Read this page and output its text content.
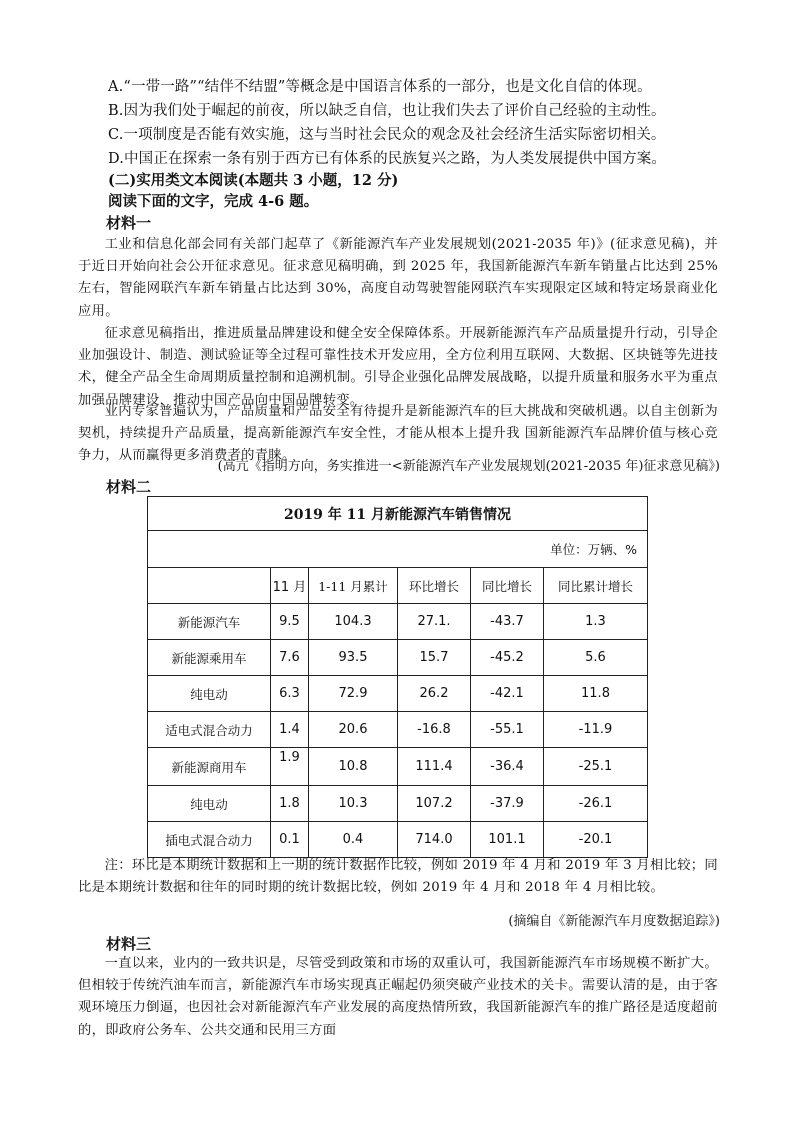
A.“一带一路”“结伴不结盟”等概念是中国语言体系的一部分，也是文化自信的体现。
B.因为我们处于崛起的前夜，所以缺乏自信，也让我们失去了评价自己经验的主动性。
C.一项制度是否能有效实施，这与当时社会民众的观念及社会经济生活实际密切相关。
D.中国正在探索一条有别于西方已有体系的民族复兴之路，为人类发展提供中国方案。
(二)实用类文本阅读(本题共 3 小题，12 分)
阅读下面的文字，完成 4-6 题。
材料一
工业和信息化部会同有关部门起草了《新能源汽车产业发展规划(2021-2035 年)》(征求意见稿)，并于近日开始向社会公开征求意见。征求意见稿明确，到 2025 年，我国新能源汽车新车销量占比达到 25%左右，智能网联汽车新车销量占比达到 30%，高度自动驾驶智能网联汽车实现限定区域和特定场景商业化应用。
征求意见稿指出，推进质量品牌建设和健全安全保障体系。开展新能源汽车产品质量提升行动，引导企业加强设计、制造、测试验证等全过程可靠性技术开发应用，全方位利用互联网、大数据、区块链等先进技术，健全产品全生命周期质量控制和追溯机制。引导企业强化品牌发展战略，以提升质量和服务水平为重点加强品牌建设，推动中国产品向中国品牌转变。
业内专家普遍认为，产品质量和产品安全有待提升是新能源汽车的巨大挑战和突破机遇。以自主创新为契机，持续提升产品质量，提高新能源汽车安全性，才能从根本上提升我 国新能源汽车品牌价值与核心竞争力，从而赢得更多消费者的青睐。
(高亢《指明方向，务实推进一<新能源汽车产业发展规划(2021-2035 年)征求意见稿》)
材料二
2019 年 11 月新能源汽车销售情况					
单位：万辆、%					
	11 月	1-11 月累计	环比增长	同比增长	同比累计增长
新能源汽车	9.5	104.3	27.1.	-43.7	1.3
新能源乘用车	7.6	93.5	15.7	-45.2	5.6
纯电动	6.3	72.9	26.2	-42.1	11.8
适电式混合动力	1.4	20.6	-16.8	-55.1	-11.9
新能源商用车	1.9	10.8	111.4	-36.4	-25.1
纯电动	1.8	10.3	107.2	-37.9	-26.1
插电式混合动力	0.1	0.4	714.0	101.1	-20.1
注：环比是本期统计数据和上一期的统计数据作比较，例如 2019 年 4 月和 2019 年 3 月相比较；同比是本期统计数据和往年的同时期的统计数据比较，例如 2019 年 4 月和 2018 年 4 月相比较。
(摘编自《新能源汽车月度数据追踪》)
材料三
一直以来，业内的一致共识是，尽管受到政策和市场的双重认可，我国新能源汽车市场规模不断扩大。但相较于传统汽油车而言，新能源汽车市场实现真正崛起仍须突破产业技术的关卡。需要认清的是，由于客观环境压力倒逼，也因社会对新能源汽车产业发展的高度热情所致，我国新能源汽车的推广路径是适度超前的，即政府公务车、公共交通和民用三方面
